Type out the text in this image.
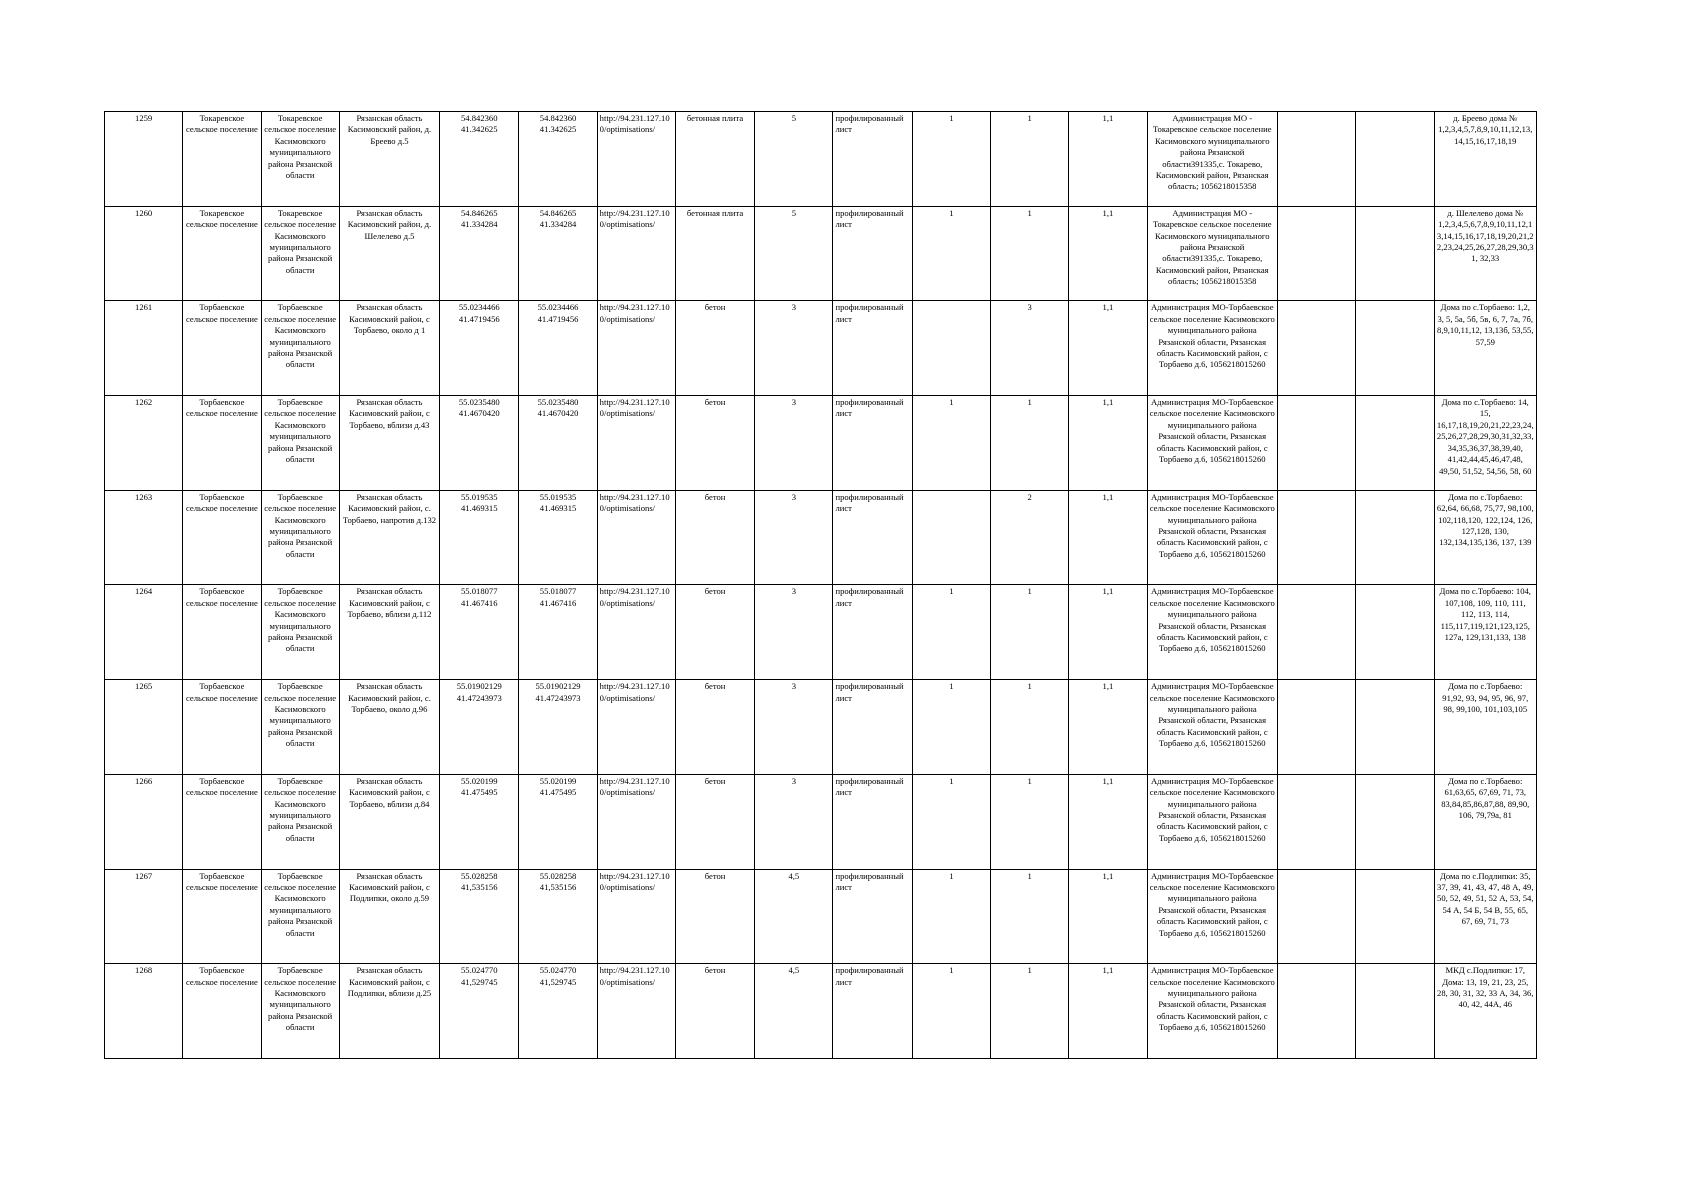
1259	Токаревское сельское поселение	Токаревское сельское поселение Касимовского муниципального района Рязанской области	Рязанская область Касимовский район, д. Бреево д.5	54.842360 41.342625	54.842360 41.342625	http://94.231.127.100/optimisations/	бетонная плита	5	профилированный лист	1	1	1,1	Администрация МО - Токаревское сельское поселение Касимовского муниципального района Рязанской области391335,с. Токарево, Касимовский район, Рязанская область; 1056218015358			д. Бреево дома № 1,2,3,4,5,7,8,9,10,11,12,13,14,15,16,17,18,19
1260	Токаревское сельское поселение	Токаревское сельское поселение Касимовского муниципального района Рязанской области	Рязанская область Касимовский район, д. Шелелево д.5	54.846265 41.334284	54.846265 41.334284	http://94.231.127.100/optimisations/	бетонная плита	5	профилированный лист	1	1	1,1	Администрация МО - Токаревское сельское поселение Касимовского муниципального района Рязанской области391335,с. Токарево, Касимовский район, Рязанская область; 1056218015358			д. Шелелево дома № 1,2,3,4,5,6,7,8,9,10,11,12,13,14,15,16,17,18,19,20,21,22,23,24,25,26,27,28,29,30,31, 32,33
1261	Торбаевское сельское поселение	Торбаевское сельское поселение Касимовского муниципального района Рязанской области	Рязанская область Касимовский район, с Торбаево, около д 1	55.0234466 41.4719456	55.0234466 41.4719456	http://94.231.127.100/optimisations/	бетон	3	профилированный лист		3	1,1	Администрация МО-Торбаевское сельское поселение Касимовского муниципального района Рязанской области, Рязанская область Касимовский район, с Торбаево д.6, 1056218015260			Дома по с.Торбаево: 1,2, 3, 5, 5а, 5б, 5в, 6, 7, 7а, 7б, 8,9,10,11,12, 13,13б, 53,55, 57,59
1262	Торбаевское сельское поселение	Торбаевское сельское поселение Касимовского муниципального района Рязанской области	Рязанская область Касимовский район, с Торбаево, вблизи д.43	55.0235480 41.4670420	55.0235480 41.4670420	http://94.231.127.100/optimisations/	бетон	3	профилированный лист	1	1	1,1	Администрация МО-Торбаевское сельское поселение Касимовского муниципального района Рязанской области, Рязанская область Касимовский район, с Торбаево д.6, 1056218015260			Дома по с.Торбаево: 14, 15, 16,17,18,19,20,21,22,23,24, 25,26,27,28,29,30,31,32,33, 34,35,36,37,38,39,40, 41,42,44,45,46,47,48, 49,50, 51,52, 54,56, 58, 60
1263	Торбаевское сельское поселение	Торбаевское сельское поселение Касимовского муниципального района Рязанской области	Рязанская область Касимовский район, с. Торбаево, напротив д.132	55.019535 41.469315	55.019535 41.469315	http://94.231.127.100/optimisations/	бетон	3	профилированный лист		2	1,1	Администрация МО-Торбаевское сельское поселение Касимовского муниципального района Рязанской области, Рязанская область Касимовский район, с Торбаево д.6, 1056218015260			Дома по с.Торбаево: 62,64, 66,68, 75,77, 98,100, 102,118,120, 122,124, 126, 127,128, 130, 132,134,135,136, 137, 139
1264	Торбаевское сельское поселение	Торбаевское сельское поселение Касимовского муниципального района Рязанской области	Рязанская область Касимовский район, с Торбаево, вблизи д.112	55.018077 41.467416	55.018077 41.467416	http://94.231.127.100/optimisations/	бетон	3	профилированный лист	1	1	1,1	Администрация МО-Торбаевское сельское поселение Касимовского муниципального района Рязанской области, Рязанская область Касимовский район, с Торбаево д.6, 1056218015260			Дома по с.Торбаево: 104, 107,108, 109, 110, 111, 112, 113, 114, 115,117,119,121,123,125, 127а, 129,131,133, 138
1265	Торбаевское сельское поселение	Торбаевское сельское поселение Касимовского муниципального района Рязанской области	Рязанская область Касимовский район, с. Торбаево, около д.96	55.01902129 41.47243973	55.01902129 41.47243973	http://94.231.127.100/optimisations/	бетон	3	профилированный лист	1	1	1,1	Администрация МО-Торбаевское сельское поселение Касимовского муниципального района Рязанской области, Рязанская область Касимовский район, с Торбаево д.6, 1056218015260			Дома по с.Торбаево: 91,92, 93, 94, 95, 96, 97, 98, 99,100, 101,103,105
1266	Торбаевское сельское поселение	Торбаевское сельское поселение Касимовского муниципального района Рязанской области	Рязанская область Касимовский район, с Торбаево, вблизи д.84	55.020199 41.475495	55.020199 41.475495	http://94.231.127.100/optimisations/	бетон	3	профилированный лист	1	1	1,1	Администрация МО-Торбаевское сельское поселение Касимовского муниципального района Рязанской области, Рязанская область Касимовский район, с Торбаево д.6, 1056218015260			Дома по с.Торбаево: 61,63,65, 67,69, 71, 73, 83,84,85,86,87,88, 89,90, 106, 79,79а, 81
1267	Торбаевское сельское поселение	Торбаевское сельское поселение Касимовского муниципального района Рязанской области	Рязанская область Касимовский район, с Подлипки, около д.59	55.028258 41,535156	55.028258 41,535156	http://94.231.127.100/optimisations/	бетон	4,5	профилированный лист	1	1	1,1	Администрация МО-Торбаевское сельское поселение Касимовского муниципального района Рязанской области, Рязанская область Касимовский район, с Торбаево д.6, 1056218015260			Дома по с.Подлипки: 35, 37, 39, 41, 43, 47, 48 А, 49, 50, 52, 49, 51, 52 А, 53, 54, 54 А, 54 Б, 54 В, 55, 65, 67, 69, 71, 73
1268	Торбаевское сельское поселение	Торбаевское сельское поселение Касимовского муниципального района Рязанской области	Рязанская область Касимовский район, с Подлипки, вблизи д.25	55.024770 41,529745	55.024770 41,529745	http://94.231.127.100/optimisations/	бетон	4,5	профилированный лист	1	1	1,1	Администрация МО-Торбаевское сельское поселение Касимовского муниципального района Рязанской области, Рязанская область Касимовский район, с Торбаево д.6, 1056218015260			МКД с.Подлипки: 17, Дома: 13, 19, 21, 23, 25, 28, 30, 31, 32, 33 А, 34, 36, 40, 42, 44А, 46
